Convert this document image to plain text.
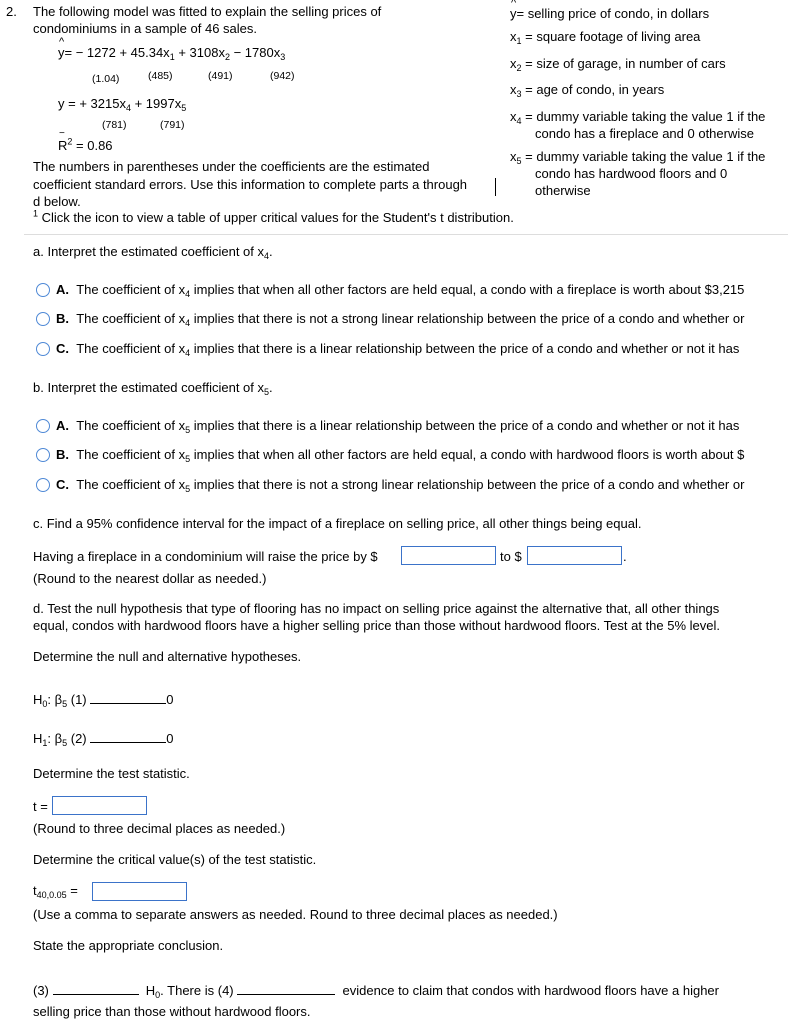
2. The following model was fitted to explain the selling prices of
condominiums in a sample of 46 sales.
^ $y= - 1272 + 45.34x_1 + 3108x_2 - 1780x_3$
(1.04)	(485)	(491)	(942)
y = + $3215x_4 + 1997x_5$
(781)	(791)
R
−
$^2$ = 0.86
The numbers in parentheses under the coefficients are the estimated
coefficient standard errors. Use this information to complete parts a through
d below.
$^1$ Click the icon to view a table of upper critical values for the Student's t distribution.
^ y= selling price of condo, in dollars
$x_1$ = square footage of living area
$x_2$ = size of garage, in number of cars
$x_3$ = age of condo, in years
$x_4$ = dummy variable taking the value 1 if the
condo has a fireplace and 0 otherwise
$x_5$ = dummy variable taking the value 1 if the
condo has hardwood floors and 0
otherwise
a. Interpret the estimated coefficient of $x_4$.
A. The coefficient of $x_4$ implies that when all other factors are held equal, a condo with a fireplace is worth about $3,215
B. The coefficient of $x_4$ implies that there is not a strong linear relationship between the price of a condo and whether or
C. The coefficient of $x_4$ implies that there is a linear relationship between the price of a condo and whether or not it has
b. Interpret the estimated coefficient of $x_5$.
A. The coefficient of $x_5$ implies that there is a linear relationship between the price of a condo and whether or not it has
B. The coefficient of $x_5$ implies that when all other factors are held equal, a condo with hardwood floors is worth about $
C. The coefficient of $x_5$ implies that there is not a strong linear relationship between the price of a condo and whether or
c. Find a 95% confidence interval for the impact of a fireplace on selling price, all other things being equal.
Having a fireplace in a condominium will raise the price by $	to $	.
(Round to the nearest dollar as needed.)
d. Test the null hypothesis that type of flooring has no impact on selling price against the alternative that, all other things
equal, condos with hardwood floors have a higher selling price than those without hardwood floors. Test at the 5% level.
Determine the null and alternative hypotheses.
$H_0$: $\beta_5$ (1)	0
$H_1$: $\beta_5$ (2)	0
Determine the test statistic.
t =
(Round to three decimal places as needed.)
Determine the critical value(s) of the test statistic.
$t_{40,0.05}$ =
(Use a comma to separate answers as needed. Round to three decimal places as needed.)
State the appropriate conclusion.
(3)	$H_0$. There is (4)	evidence to claim that condos with hardwood floors have a higher
selling price than those without hardwood floors.
